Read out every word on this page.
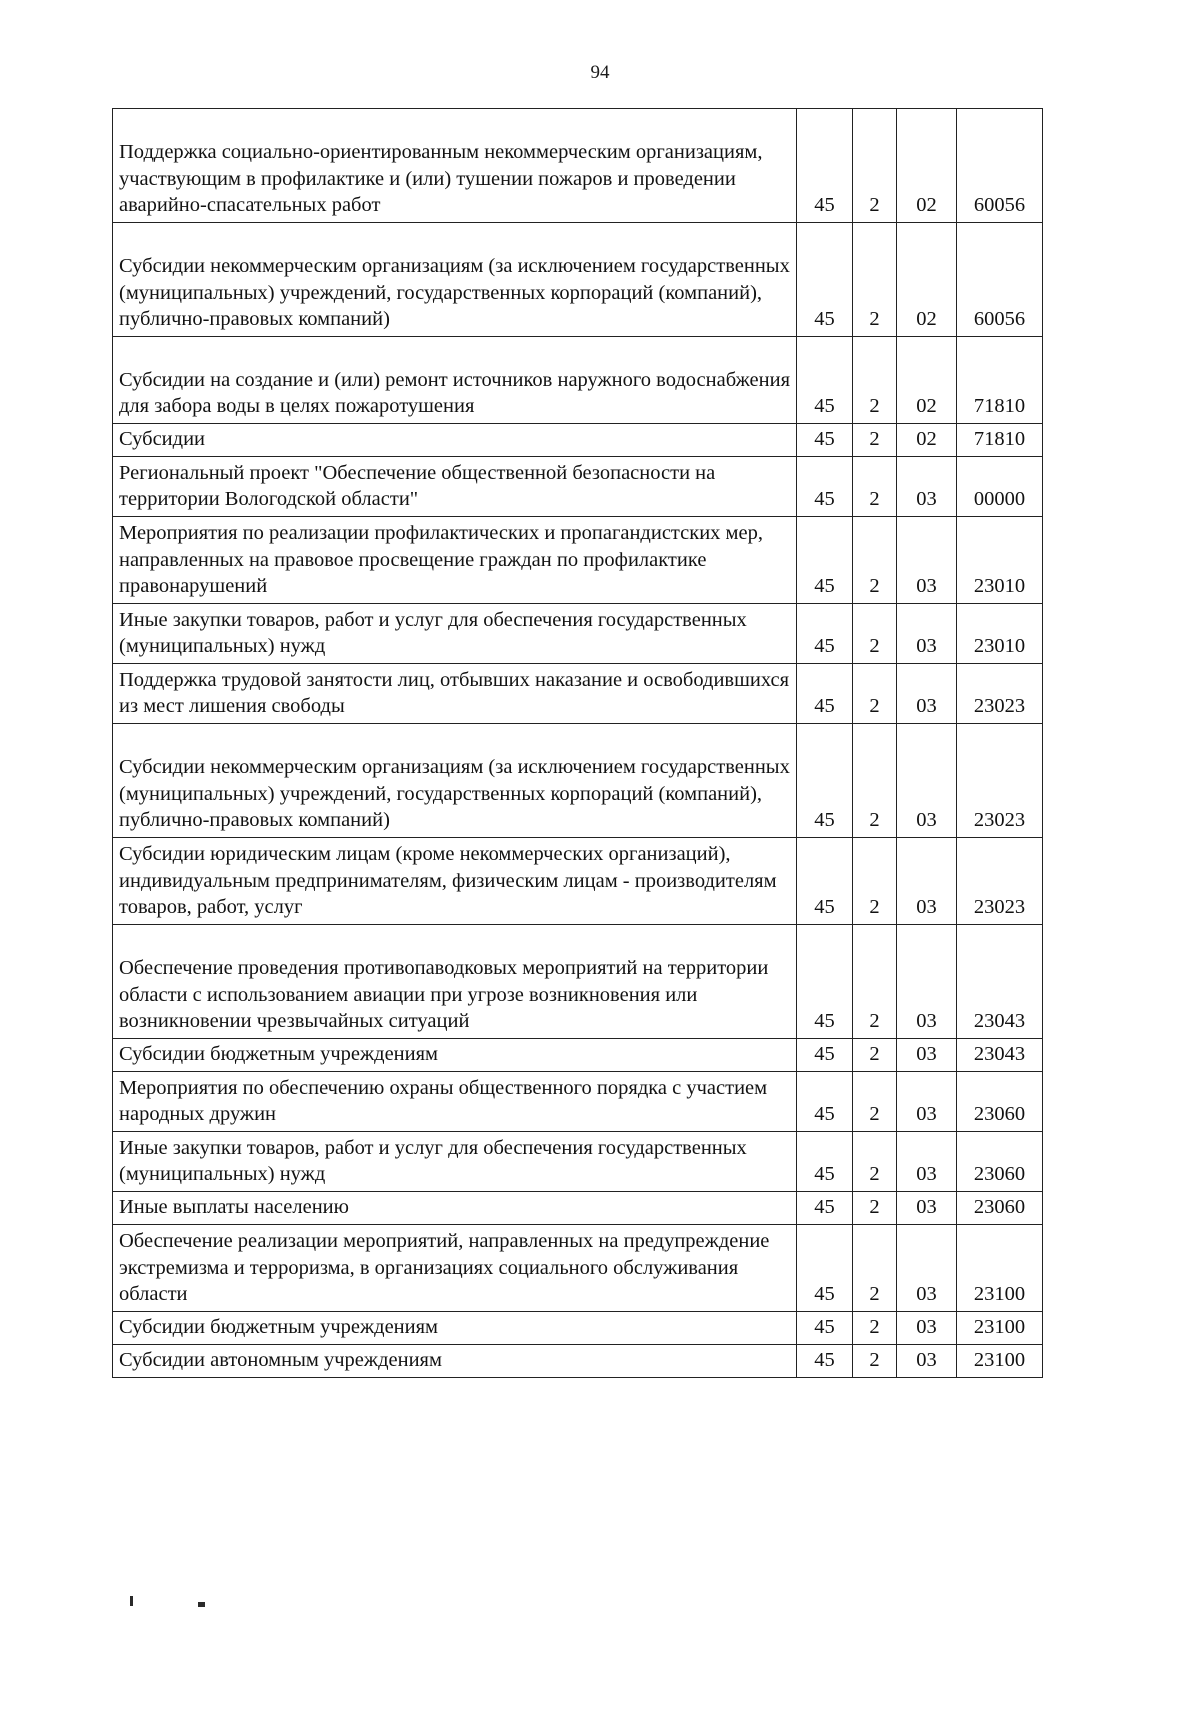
94
Поддержка социально-ориентированным некоммерческим организациям, участвующим в профилактике и (или) тушении пожаров и проведении аварийно-спасательных работ	45	2	02	60056
Субсидии некоммерческим организациям (за исключением государственных (муниципальных) учреждений, государственных корпораций (компаний), публично-правовых компаний)	45	2	02	60056
Субсидии на создание и (или) ремонт источников наружного водоснабжения для забора воды в целях пожаротушения	45	2	02	71810
Субсидии	45	2	02	71810
Региональный проект "Обеспечение общественной безопасности на территории Вологодской области"	45	2	03	00000
Мероприятия по реализации профилактических и пропагандистских мер, направленных на правовое просвещение граждан по профилактике правонарушений	45	2	03	23010
Иные закупки товаров, работ и услуг для обеспечения государственных (муниципальных) нужд	45	2	03	23010
Поддержка трудовой занятости лиц, отбывших наказание и освободившихся из мест лишения свободы	45	2	03	23023
Субсидии некоммерческим организациям (за исключением государственных (муниципальных) учреждений, государственных корпораций (компаний), публично-правовых компаний)	45	2	03	23023
Субсидии юридическим лицам (кроме некоммерческих организаций), индивидуальным предпринимателям, физическим лицам - производителям товаров, работ, услуг	45	2	03	23023
Обеспечение проведения противопаводковых мероприятий на территории области с использованием авиации при угрозе возникновения или возникновении чрезвычайных ситуаций	45	2	03	23043
Субсидии бюджетным учреждениям	45	2	03	23043
Мероприятия по обеспечению охраны общественного порядка с участием народных дружин	45	2	03	23060
Иные закупки товаров, работ и услуг для обеспечения государственных (муниципальных) нужд	45	2	03	23060
Иные выплаты населению	45	2	03	23060
Обеспечение реализации мероприятий, направленных на предупреждение экстремизма и терроризма, в организациях социального обслуживания области	45	2	03	23100
Субсидии бюджетным учреждениям	45	2	03	23100
Субсидии автономным учреждениям	45	2	03	23100
